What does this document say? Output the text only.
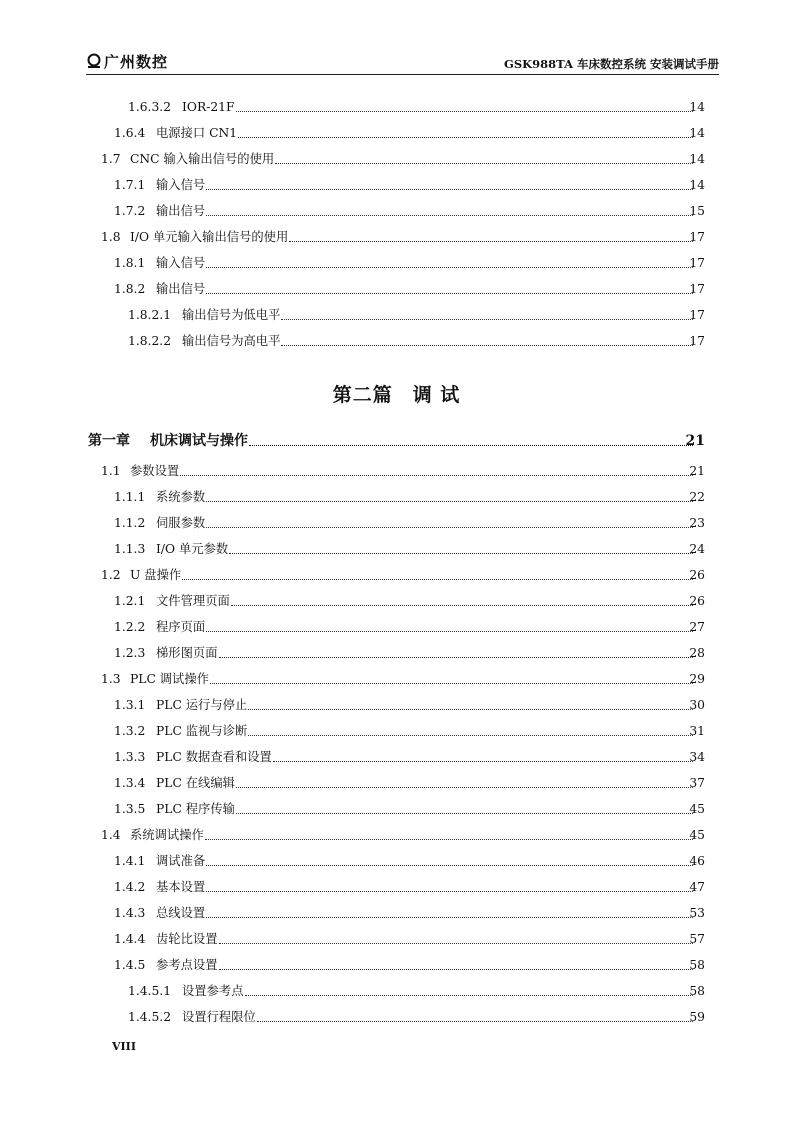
广州数控	GSK988TA 车床数控系统 安装调试手册
1.6.3.2 IOR-21F	14
1.6.4 电源接口 CN1	14
1.7 CNC 输入输出信号的使用	14
1.7.1 输入信号	14
1.7.2 输出信号	15
1.8 I/O 单元输入输出信号的使用	17
1.8.1 输入信号	17
1.8.2 输出信号	17
1.8.2.1 输出信号为低电平	17
1.8.2.2 输出信号为高电平	17
第一章 机床调试与操作	21
1.1 参数设置	21
1.1.1 系统参数	22
1.1.2 伺服参数	23
1.1.3 I/O 单元参数	24
1.2 U 盘操作	26
1.2.1 文件管理页面	26
1.2.2 程序页面	27
1.2.3 梯形图页面	28
1.3 PLC 调试操作	29
1.3.1 PLC 运行与停止	30
1.3.2 PLC 监视与诊断	31
1.3.3 PLC 数据查看和设置	34
1.3.4 PLC 在线编辑	37
1.3.5 PLC 程序传输	45
1.4 系统调试操作	45
1.4.1 调试准备	46
1.4.2 基本设置	47
1.4.3 总线设置	53
1.4.4 齿轮比设置	57
1.4.5 参考点设置	58
1.4.5.1 设置参考点	58
1.4.5.2 设置行程限位	59
第二篇　调 试
VIII
